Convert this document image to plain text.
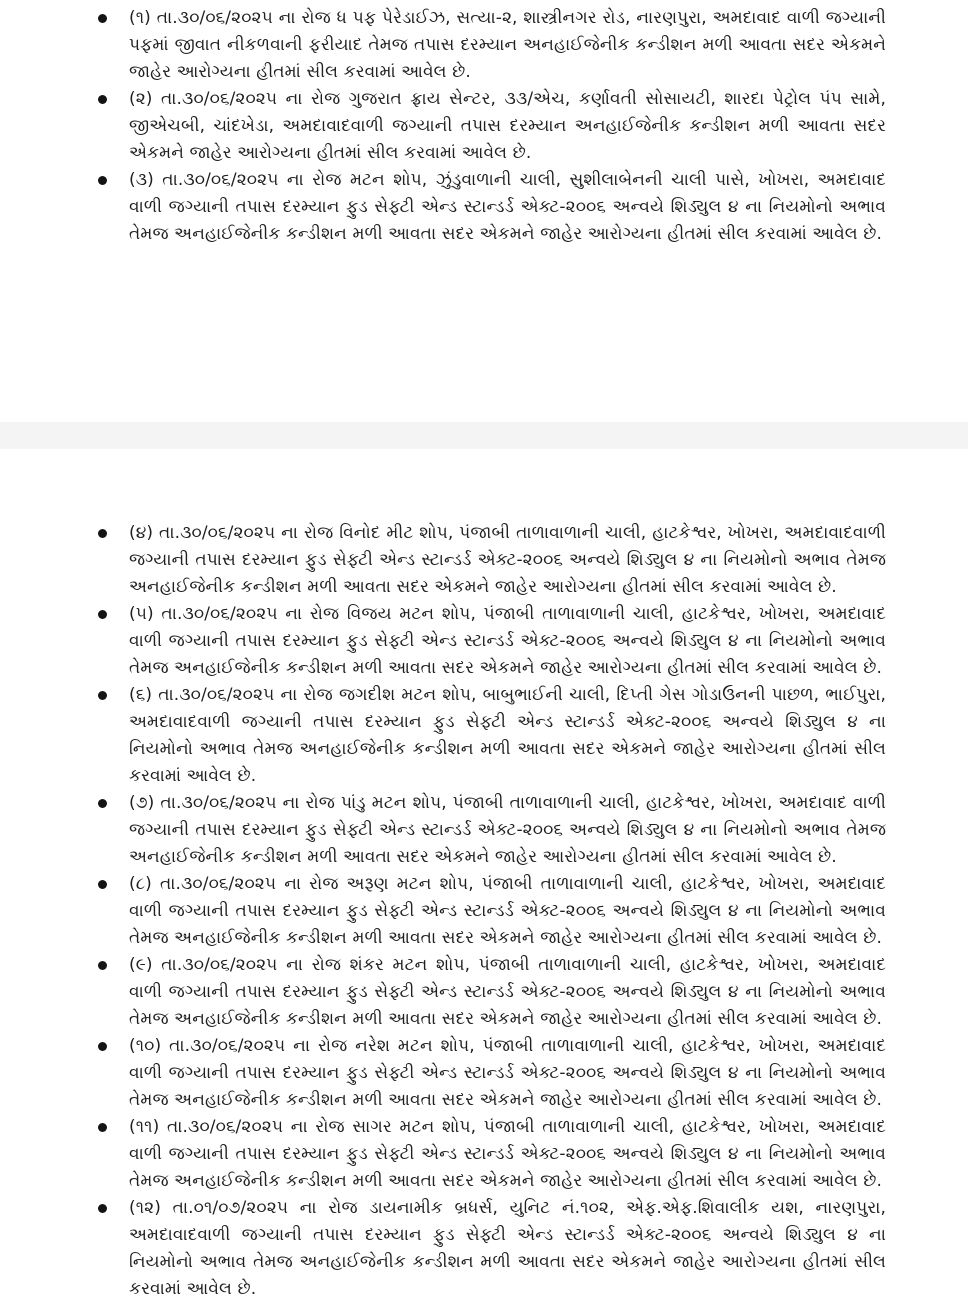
(૧) તા.૩૦/૦૬/૨૦૨૫ ના રોજ ધ પફ પેરેડાઈઝ, સત્યા-૨, શાસ્ત્રીનગર રોડ, નારણપુરા, અમદાવાદ વાળી જગ્યાની પફમાં જીવાત નીકળવાની ફરીયાદ તેમજ તપાસ દરમ્યાન અનહાઈજેનીક કન્ડીશન મળી આવતા સદર એકમને જાહેર આરોગ્યના હીતમાં સીલ કરવામાં આવેલ છે.
(૨) તા.૩૦/૦૬/૨૦૨૫ ના રોજ ગુજરાત ફ્રાય સેન્ટર, ૩૩/એચ, કર્ણાવતી સોસાયટી, શારદા પેટ્રોલ પંપ સામે, જીએચબી, ચાંદખેડા, અમદાવાદવાળી જગ્યાની તપાસ દરમ્યાન અનહાઈજેનીક કન્ડીશન મળી આવતા સદર એકમને જાહેર આરોગ્યના હીતમાં સીલ કરવામાં આવેલ છે.
(૩) તા.૩૦/૦૬/૨૦૨૫ ના રોજ મટન શોપ, ઝુંડુવાળાની ચાલી, સુશીલાબેનની ચાલી પાસે, ખોખરા, અમદાવાદ વાળી જગ્યાની તપાસ દરમ્યાન ફુડ સેફ્ટી એન્ડ સ્ટાન્ડર્ડ એક્ટ-૨૦૦૬ અન્વયે શિડ્યુલ ૪ ના નિયમોનો અભાવ તેમજ અનહાઈજેનીક કન્ડીશન મળી આવતા સદર એકમને જાહેર આરોગ્યના હીતમાં સીલ કરવામાં આવેલ છે.
(૪) તા.૩૦/૦૬/૨૦૨૫ ના રોજ વિનોદ મીટ શોપ, પંજાબી તાળાવાળાની ચાલી, હાટકેશ્વર, ખોખરા, અમદાવાદવાળી જગ્યાની તપાસ દરમ્યાન ફુડ સેફ્ટી એન્ડ સ્ટાન્ડર્ડ એક્ટ-૨૦૦૬ અન્વયે શિડ્યુલ ૪ ના નિયમોનો અભાવ તેમજ અનહાઈજેનીક કન્ડીશન મળી આવતા સદર એકમને જાહેર આરોગ્યના હીતમાં સીલ કરવામાં આવેલ છે.
(૫) તા.૩૦/૦૬/૨૦૨૫ ના રોજ વિજય મટન શોપ, પંજાબી તાળાવાળાની ચાલી, હાટકેશ્વર, ખોખરા, અમદાવાદ વાળી જગ્યાની તપાસ દરમ્યાન ફુડ સેફ્ટી એન્ડ સ્ટાન્ડર્ડ એક્ટ-૨૦૦૬ અન્વયે શિડ્યુલ ૪ ના નિયમોનો અભાવ તેમજ અનહાઈજેનીક કન્ડીશન મળી આવતા સદર એકમને જાહેર આરોગ્યના હીતમાં સીલ કરવામાં આવેલ છે.
(૬) તા.૩૦/૦૬/૨૦૨૫ ના રોજ જગદીશ મટન શોપ, બાબુભાઈની ચાલી, દિપ્તી ગેસ ગોડાઉનની પાછળ, ભાઈપુરા, અમદાવાદવાળી જગ્યાની તપાસ દરમ્યાન ફુડ સેફ્ટી એન્ડ સ્ટાન્ડર્ડ એક્ટ-૨૦૦૬ અન્વયે શિડ્યુલ ૪ ના નિયમોનો અભાવ તેમજ અનહાઈજેનીક કન્ડીશન મળી આવતા સદર એકમને જાહેર આરોગ્યના હીતમાં સીલ કરવામાં આવેલ છે.
(૭) તા.૩૦/૦૬/૨૦૨૫ ના રોજ પાંડુ મટન શોપ, પંજાબી તાળાવાળાની ચાલી, હાટકેશ્વર, ખોખરા, અમદાવાદ વાળી જગ્યાની તપાસ દરમ્યાન ફુડ સેફ્ટી એન્ડ સ્ટાન્ડર્ડ એક્ટ-૨૦૦૬ અન્વયે શિડ્યુલ ૪ ના નિયમોનો અભાવ તેમજ અનહાઈજેનીક કન્ડીશન મળી આવતા સદર એકમને જાહેર આરોગ્યના હીતમાં સીલ કરવામાં આવેલ છે.
(૮) તા.૩૦/૦૬/૨૦૨૫ ના રોજ અરૂણ મટન શોપ, પંજાબી તાળાવાળાની ચાલી, હાટકેશ્વર, ખોખરા, અમદાવાદ વાળી જગ્યાની તપાસ દરમ્યાન ફુડ સેફ્ટી એન્ડ સ્ટાન્ડર્ડ એક્ટ-૨૦૦૬ અન્વયે શિડ્યુલ ૪ ના નિયમોનો અભાવ તેમજ અનહાઈજેનીક કન્ડીશન મળી આવતા સદર એકમને જાહેર આરોગ્યના હીતમાં સીલ કરવામાં આવેલ છે.
(૯) તા.૩૦/૦૬/૨૦૨૫ ના રોજ શંકર મટન શોપ, પંજાબી તાળાવાળાની ચાલી, હાટકેશ્વર, ખોખરા, અમદાવાદ વાળી જગ્યાની તપાસ દરમ્યાન ફુડ સેફ્ટી એન્ડ સ્ટાન્ડર્ડ એક્ટ-૨૦૦૬ અન્વયે શિડ્યુલ ૪ ના નિયમોનો અભાવ તેમજ અનહાઈજેનીક કન્ડીશન મળી આવતા સદર એકમને જાહેર આરોગ્યના હીતમાં સીલ કરવામાં આવેલ છે.
(૧૦) તા.૩૦/૦૬/૨૦૨૫ ના રોજ નરેશ મટન શોપ, પંજાબી તાળાવાળાની ચાલી, હાટકેશ્વર, ખોખરા, અમદાવાદ વાળી જગ્યાની તપાસ દરમ્યાન ફુડ સેફ્ટી એન્ડ સ્ટાન્ડર્ડ એક્ટ-૨૦૦૬ અન્વયે શિડ્યુલ ૪ ના નિયમોનો અભાવ તેમજ અનહાઈજેનીક કન્ડીશન મળી આવતા સદર એકમને જાહેર આરોગ્યના હીતમાં સીલ કરવામાં આવેલ છે.
(૧૧) તા.૩૦/૦૬/૨૦૨૫ ના રોજ સાગર મટન શોપ, પંજાબી તાળાવાળાની ચાલી, હાટકેશ્વર, ખોખરા, અમદાવાદ વાળી જગ્યાની તપાસ દરમ્યાન ફુડ સેફ્ટી એન્ડ સ્ટાન્ડર્ડ એક્ટ-૨૦૦૬ અન્વયે શિડ્યુલ ૪ ના નિયમોનો અભાવ તેમજ અનહાઈજેનીક કન્ડીશન મળી આવતા સદર એકમને જાહેર આરોગ્યના હીતમાં સીલ કરવામાં આવેલ છે.
(૧૨) તા.૦૧/૦૭/૨૦૨૫ ના રોજ ડાયનામીક બ્રધર્સ, યુનિટ નં.૧૦૨, એફ.એફ.શિવાલીક યશ, નારણપુરા, અમદાવાદવાળી જગ્યાની તપાસ દરમ્યાન ફુડ સેફ્ટી એન્ડ સ્ટાન્ડર્ડ એક્ટ-૨૦૦૬ અન્વયે શિડ્યુલ ૪ ના નિયમોનો અભાવ તેમજ અનહાઈજેનીક કન્ડીશન મળી આવતા સદર એકમને જાહેર આરોગ્યના હીતમાં સીલ કરવામાં આવેલ છે.
